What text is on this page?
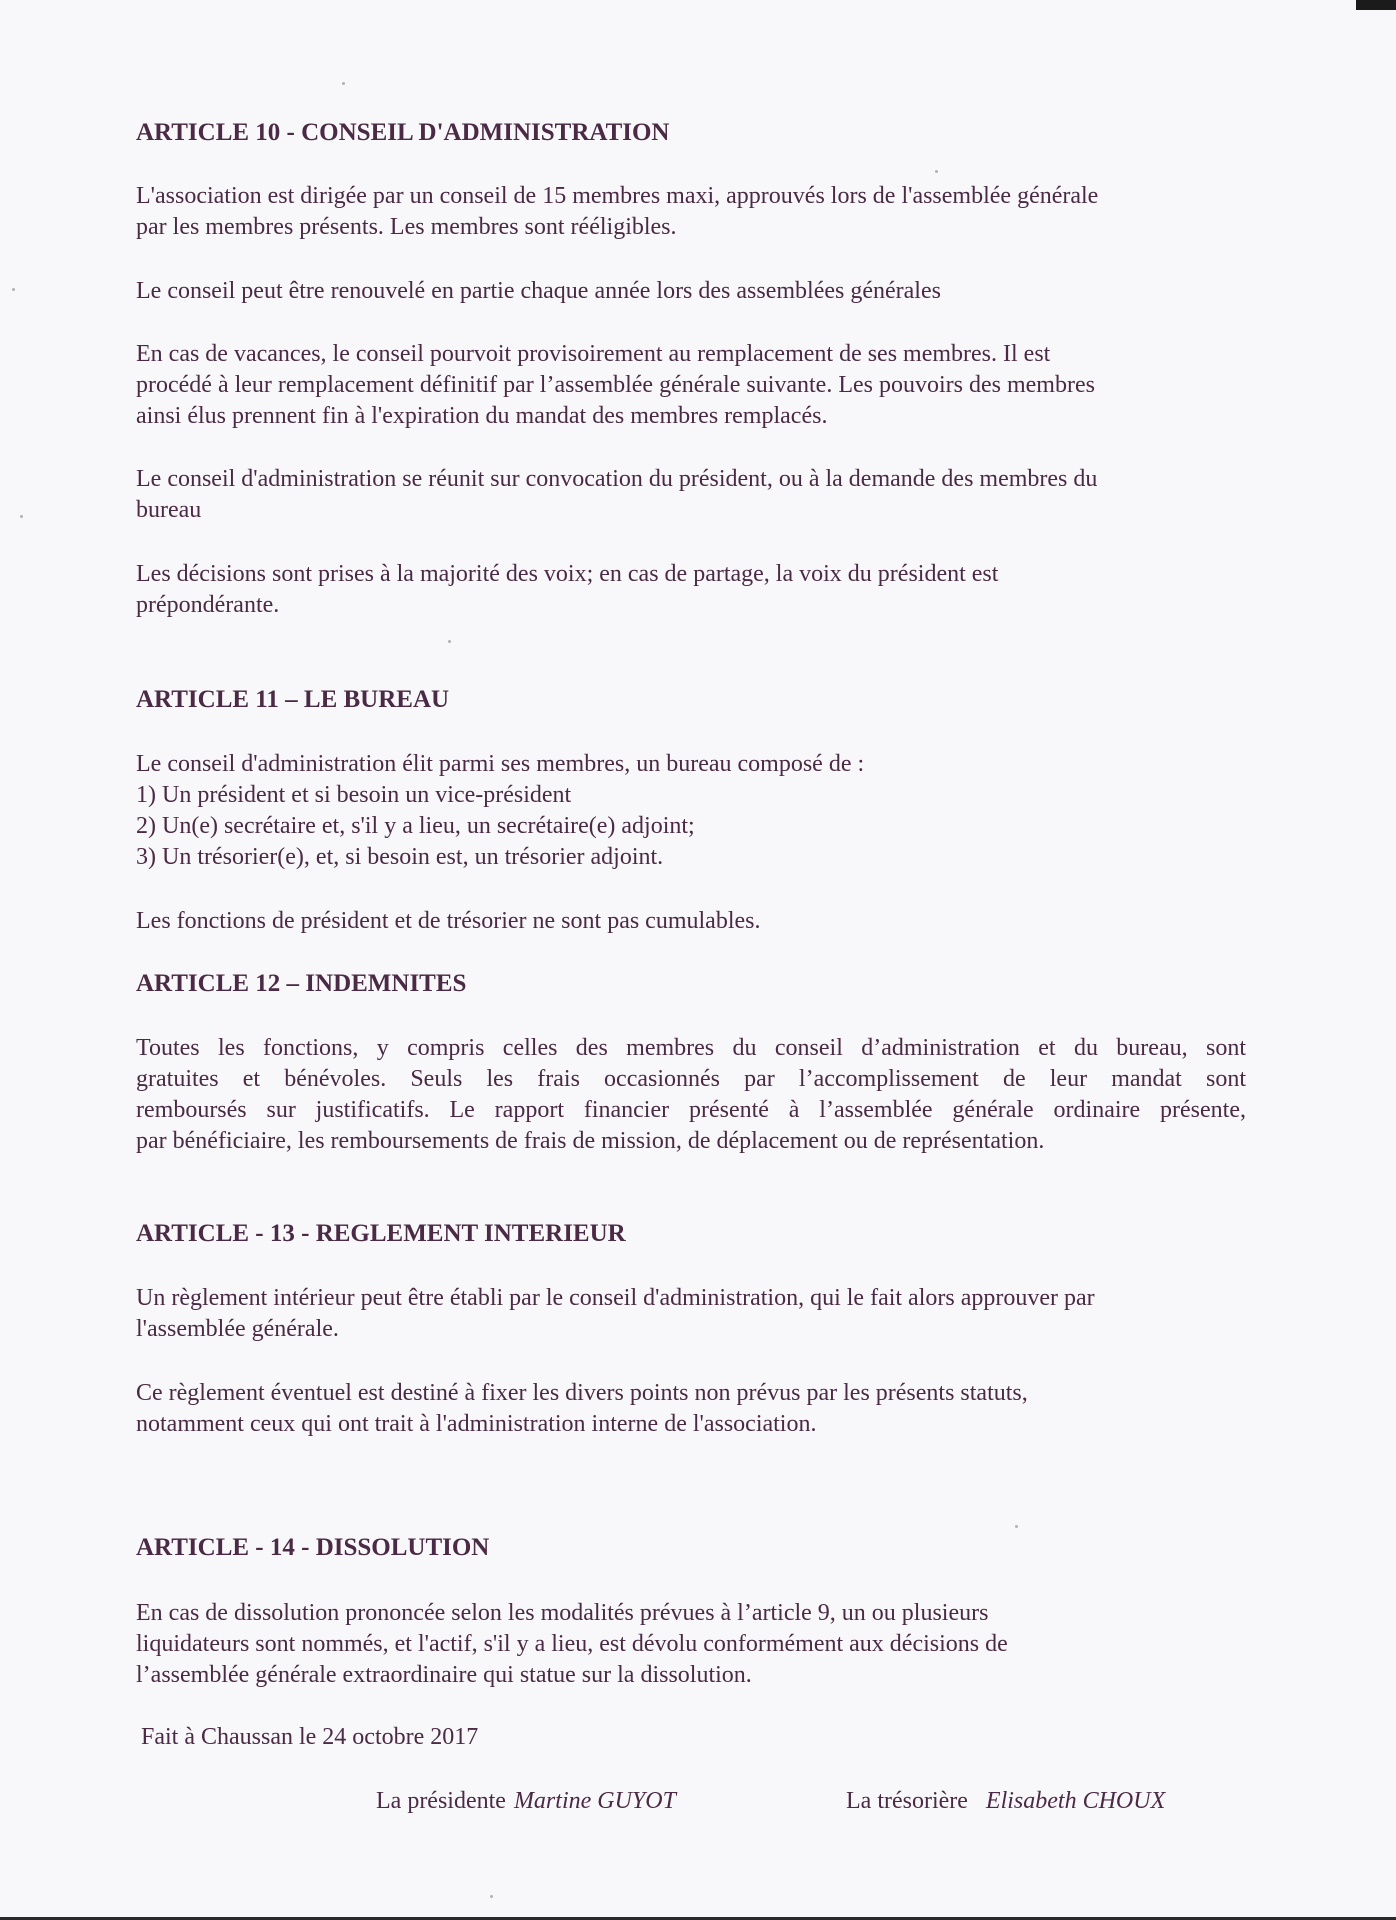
ARTICLE 10 - CONSEIL D'ADMINISTRATION

L'association est dirigée par un conseil de 15 membres maxi, approuvés lors de l'assemblée générale
par les membres présents. Les membres sont rééligibles.

Le conseil peut être renouvelé en partie chaque année lors des assemblées générales

En cas de vacances, le conseil pourvoit provisoirement au remplacement de ses membres. Il est
procédé à leur remplacement définitif par l’assemblée générale suivante. Les pouvoirs des membres
ainsi élus prennent fin à l'expiration du mandat des membres remplacés.

Le conseil d'administration se réunit sur convocation du président, ou à la demande des membres du
bureau

Les décisions sont prises à la majorité des voix; en cas de partage, la voix du président est
prépondérante.

ARTICLE 11 – LE BUREAU

Le conseil d'administration élit parmi ses membres, un bureau composé de :
1) Un président et si besoin un vice-président
2) Un(e) secrétaire et, s'il y a lieu, un secrétaire(e) adjoint;
3) Un trésorier(e), et, si besoin est, un trésorier adjoint.

Les fonctions de président et de trésorier ne sont pas cumulables.

ARTICLE 12 – INDEMNITES

Toutes les fonctions, y compris celles des membres du conseil d’administration et du bureau, sont
gratuites et bénévoles. Seuls les frais occasionnés par l’accomplissement de leur mandat sont
remboursés sur justificatifs. Le rapport financier présenté à l’assemblée générale ordinaire présente,
par bénéficiaire, les remboursements de frais de mission, de déplacement ou de représentation.

ARTICLE - 13 - REGLEMENT INTERIEUR

Un règlement intérieur peut être établi par le conseil d'administration, qui le fait alors approuver par
l'assemblée générale.

Ce règlement éventuel est destiné à fixer les divers points non prévus par les présents statuts,
notamment ceux qui ont trait à l'administration interne de l'association.

ARTICLE - 14 - DISSOLUTION

En cas de dissolution prononcée selon les modalités prévues à l’article 9, un ou plusieurs
liquidateurs sont nommés, et l'actif, s'il y a lieu, est dévolu conformément aux décisions de
l’assemblée générale extraordinaire qui statue sur la dissolution.

Fait à Chaussan le 24 octobre 2017

La présidente Martine GUYOT	La trésorière Elisabeth CHOUX
